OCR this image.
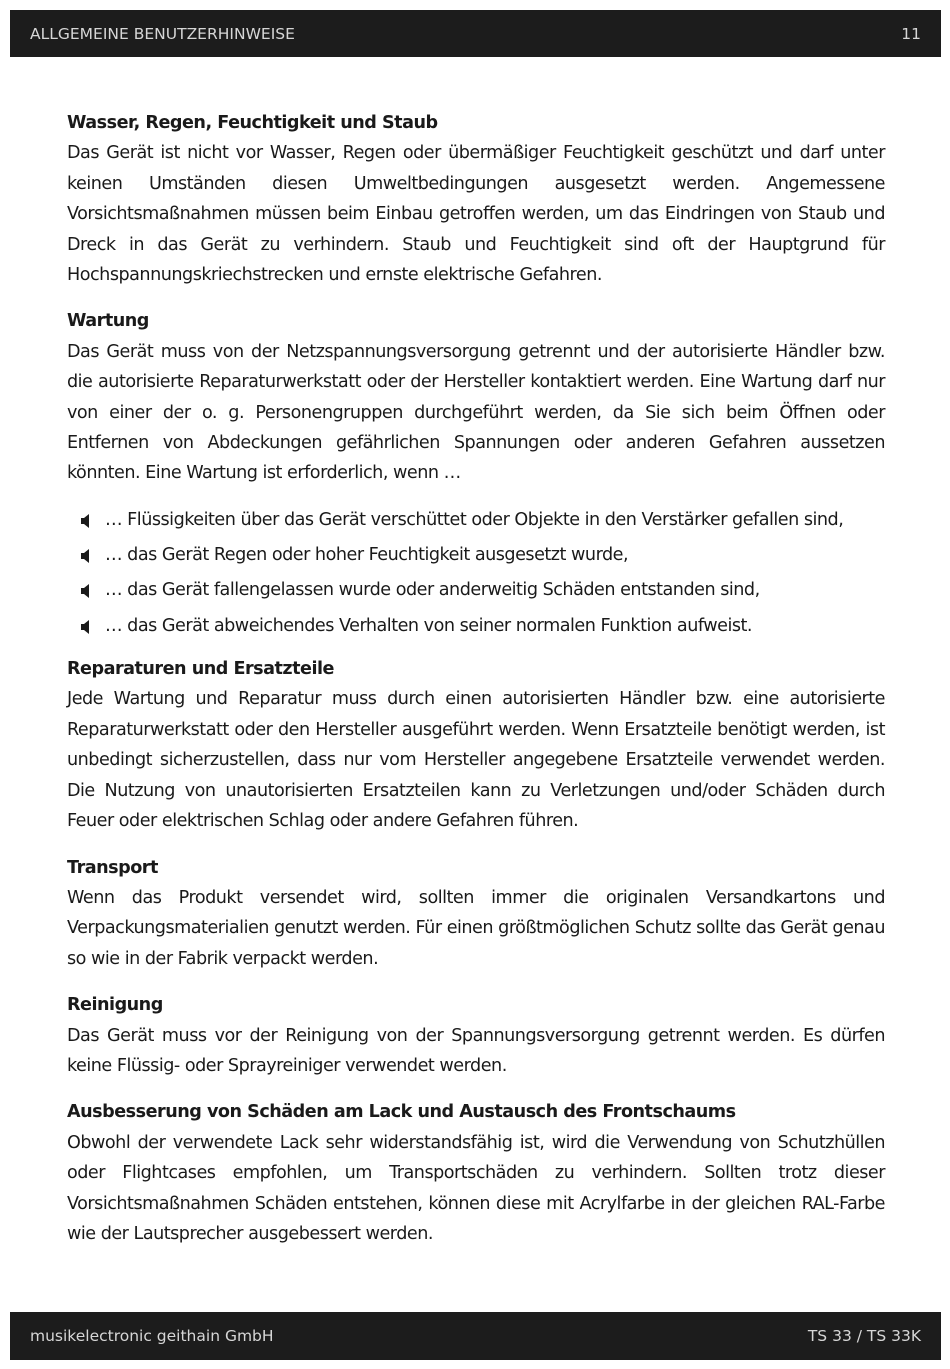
ALLGEMEINE BENUTZERHINWEISE	11
Wasser, Regen, Feuchtigkeit und Staub

Das Gerät ist nicht vor Wasser, Regen oder übermäßiger Feuchtigkeit geschützt und darf unter keinen Umständen diesen Umweltbedingungen ausgesetzt werden. Angemessene Vorsichtsmaßnahmen müssen beim Einbau getroffen werden, um das Eindringen von Staub und Dreck in das Gerät zu verhindern. Staub und Feuchtigkeit sind oft der Hauptgrund für Hochspannungskriechstrecken und ernste elektrische Gefahren.

Wartung

Das Gerät muss von der Netzspannungsversorgung getrennt und der autorisierte Händler bzw. die autorisierte Reparaturwerkstatt oder der Hersteller kontaktiert werden. Eine Wartung darf nur von einer der o. g. Personengruppen durchgeführt werden, da Sie sich beim Öffnen oder Entfernen von Abdeckungen gefährlichen Spannungen oder anderen Gefahren aussetzen könnten. Eine Wartung ist erforderlich, wenn …

… Flüssigkeiten über das Gerät verschüttet oder Objekte in den Verstärker gefallen sind,
… das Gerät Regen oder hoher Feuchtigkeit ausgesetzt wurde,
… das Gerät fallengelassen wurde oder anderweitig Schäden entstanden sind,
… das Gerät abweichendes Verhalten von seiner normalen Funktion aufweist.
Reparaturen und Ersatzteile

Jede Wartung und Reparatur muss durch einen autorisierten Händler bzw. eine autorisierte Reparaturwerkstatt oder den Hersteller ausgeführt werden. Wenn Ersatzteile benötigt werden, ist unbedingt sicherzustellen, dass nur vom Hersteller angegebene Ersatzteile verwendet werden. Die Nutzung von unautorisierten Ersatzteilen kann zu Verletzungen und/oder Schäden durch Feuer oder elektrischen Schlag oder andere Gefahren führen.

Transport

Wenn das Produkt versendet wird, sollten immer die originalen Versandkartons und Verpackungsmaterialien genutzt werden. Für einen größtmöglichen Schutz sollte das Gerät genau so wie in der Fabrik verpackt werden.

Reinigung

Das Gerät muss vor der Reinigung von der Spannungsversorgung getrennt werden. Es dürfen keine Flüssig- oder Sprayreiniger verwendet werden.

Ausbesserung von Schäden am Lack und Austausch des Frontschaums

Obwohl der verwendete Lack sehr widerstandsfähig ist, wird die Verwendung von Schutzhüllen oder Flightcases empfohlen, um Transportschäden zu verhindern. Sollten trotz dieser Vorsichtsmaßnahmen Schäden entstehen, können diese mit Acrylfarbe in der gleichen RAL-Farbe wie der Lautsprecher ausgebessert werden.

musikelectronic geithain GmbH	TS 33 / TS 33K
